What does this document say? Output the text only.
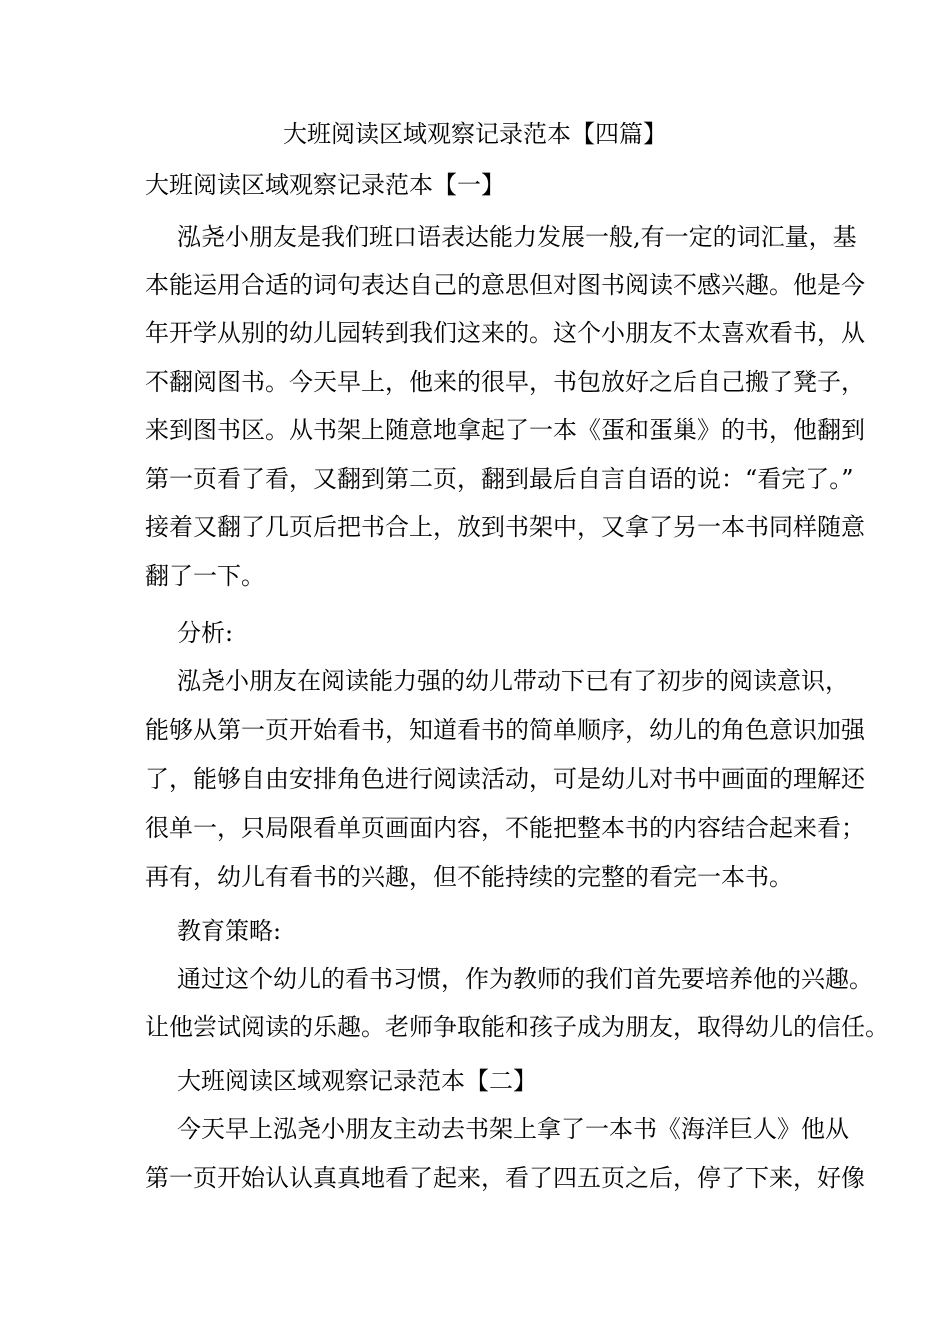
大班阅读区域观察记录范本【四篇】
大班阅读区域观察记录范本【一】
泓尧小朋友是我们班口语表达能力发展一般,有一定的词汇量，基
本能运用合适的词句表达自己的意思但对图书阅读不感兴趣。他是今
年开学从别的幼儿园转到我们这来的。这个小朋友不太喜欢看书，从
不翻阅图书。今天早上，他来的很早，书包放好之后自己搬了凳子，
来到图书区。从书架上随意地拿起了一本《蛋和蛋巢》的书，他翻到
第一页看了看，又翻到第二页，翻到最后自言自语的说：“看完了。”
接着又翻了几页后把书合上，放到书架中，又拿了另一本书同样随意
翻了一下。
分析:
泓尧小朋友在阅读能力强的幼儿带动下已有了初步的阅读意识，
能够从第一页开始看书，知道看书的简单顺序，幼儿的角色意识加强
了，能够自由安排角色进行阅读活动，可是幼儿对书中画面的理解还
很单一，只局限看单页画面内容，不能把整本书的内容结合起来看；
再有，幼儿有看书的兴趣，但不能持续的完整的看完一本书。
教育策略:
通过这个幼儿的看书习惯，作为教师的我们首先要培养他的兴趣。
让他尝试阅读的乐趣。老师争取能和孩子成为朋友，取得幼儿的信任。
大班阅读区域观察记录范本【二】
今天早上泓尧小朋友主动去书架上拿了一本书《海洋巨人》他从
第一页开始认认真真地看了起来，看了四五页之后，停了下来，好像
